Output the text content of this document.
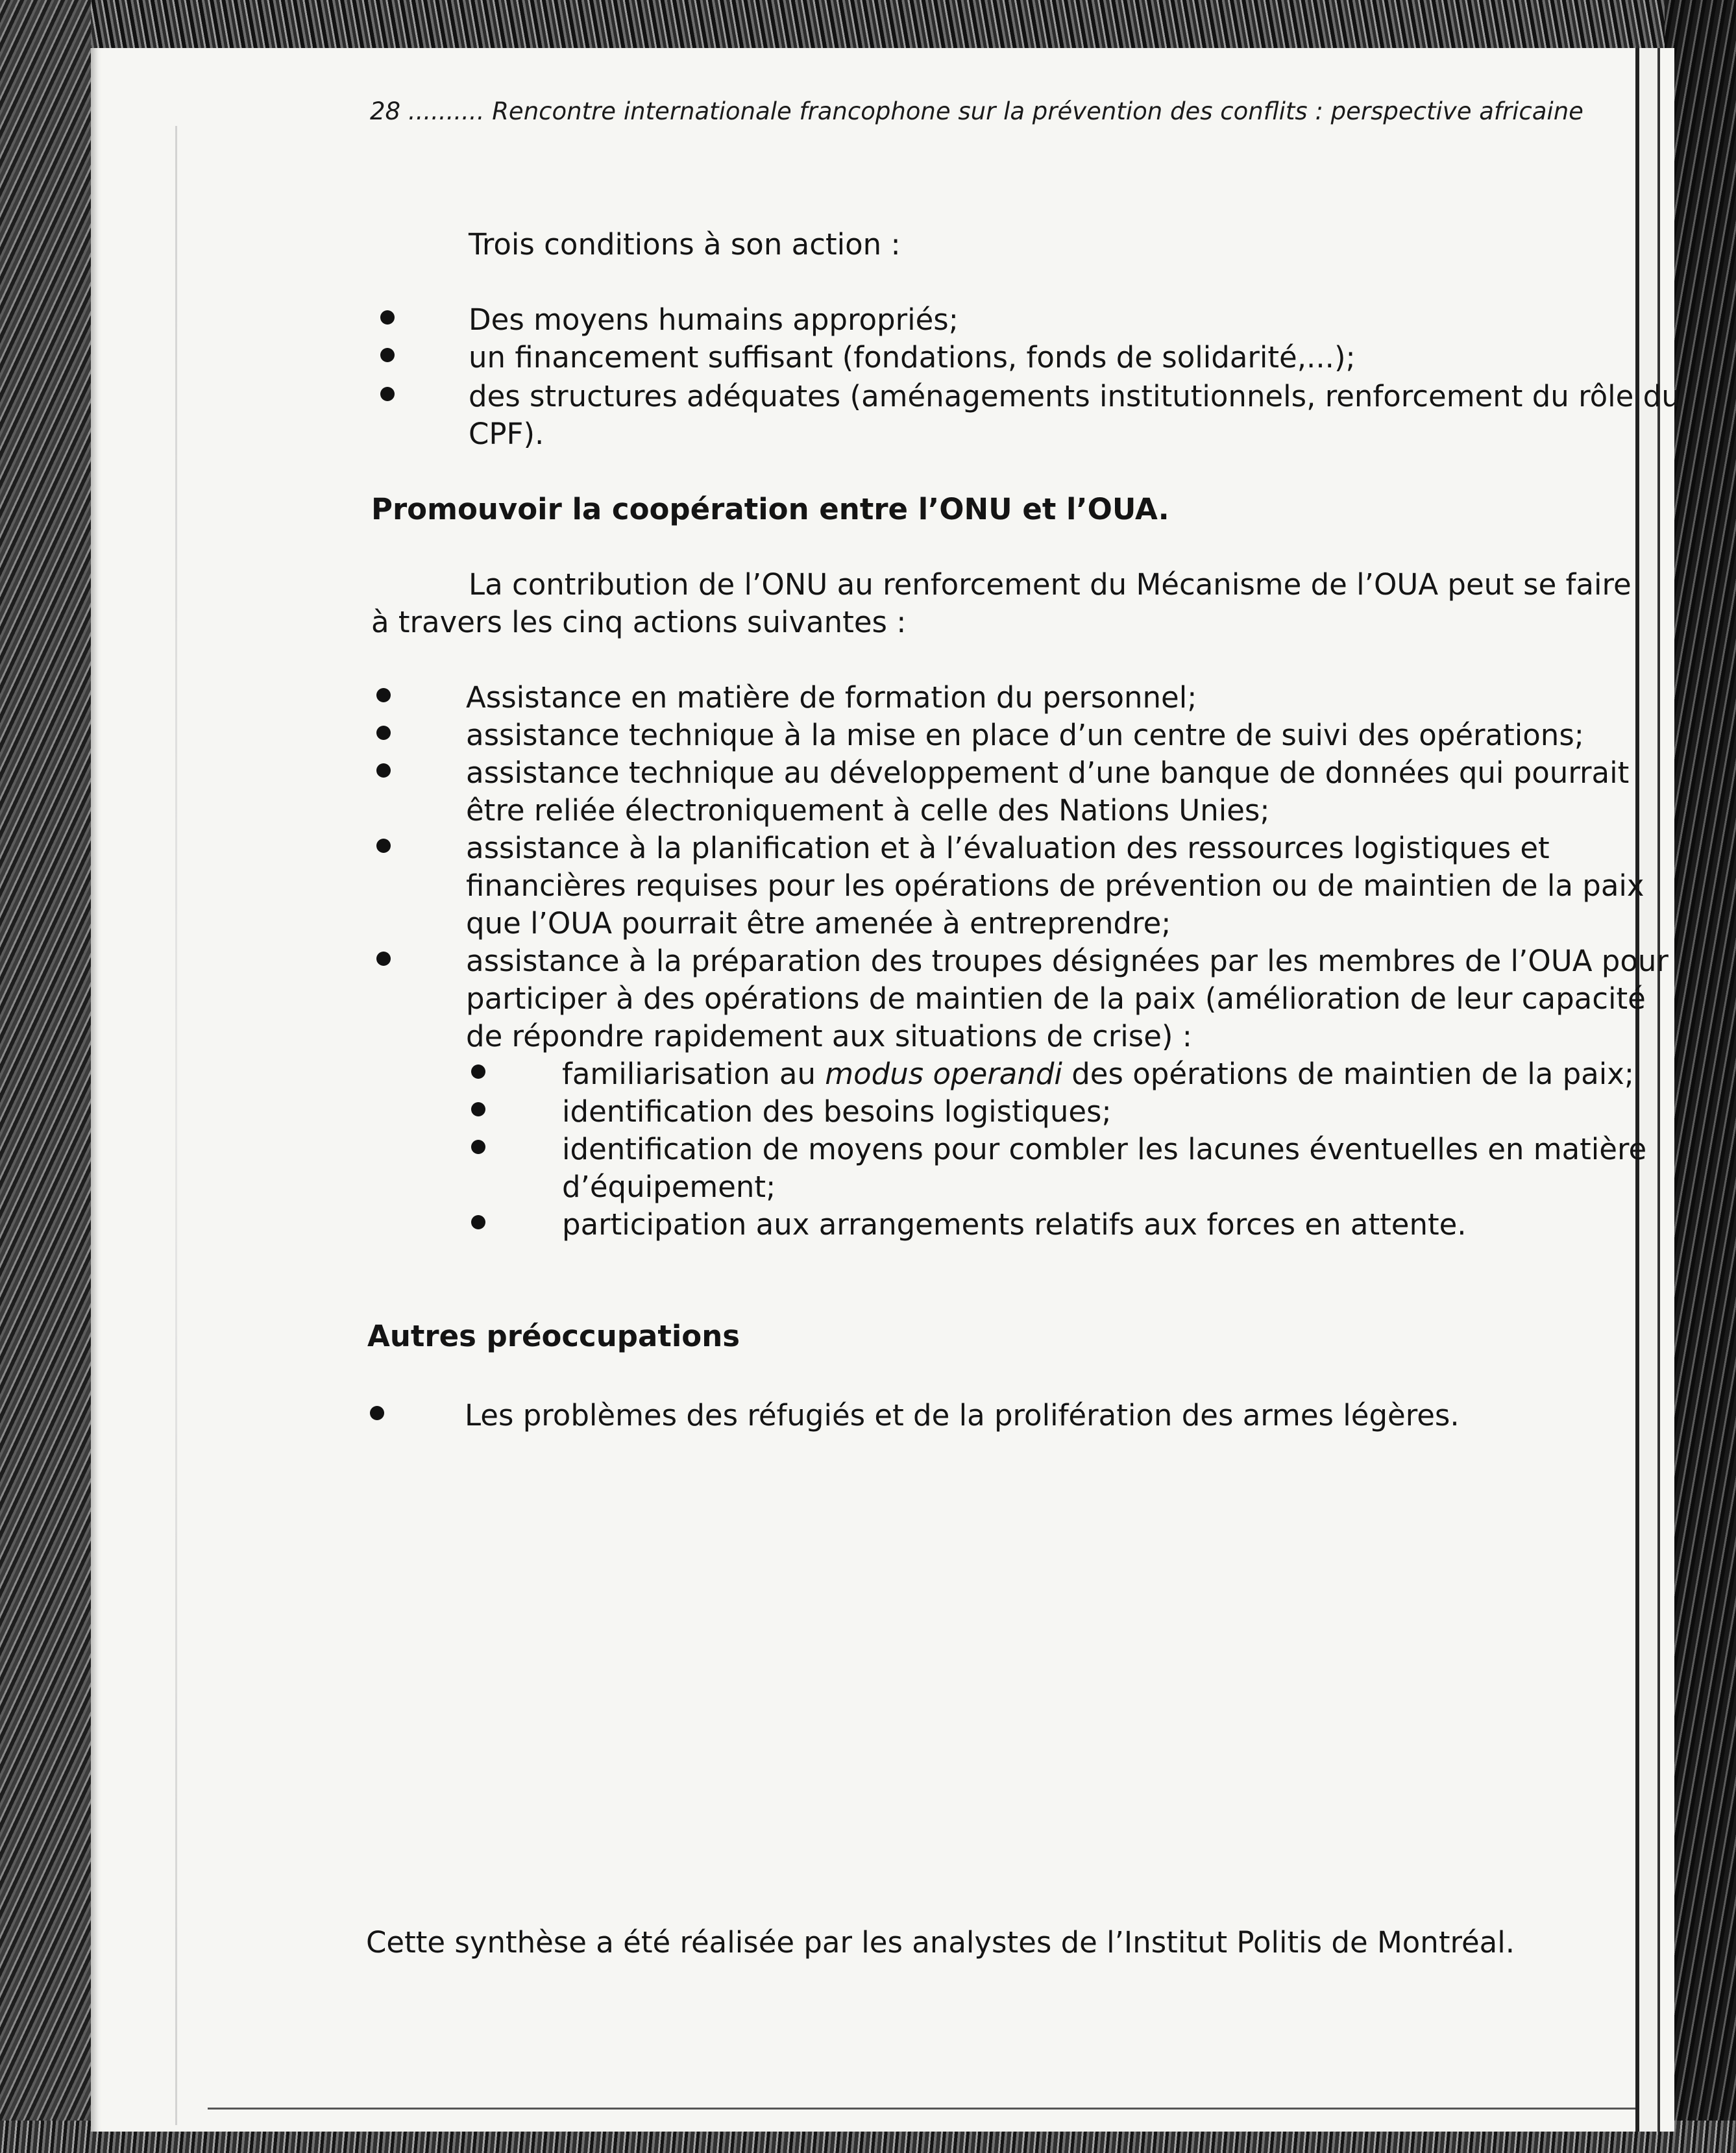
28 .......... Rencontre internationale francophone sur la prévention des conflits : perspective africaine
Trois conditions à son action :
Des moyens humains appropriés;
un financement suffisant (fondations, fonds de solidarité,...);
des structures adéquates (aménagements institutionnels, renforcement du rôle du
CPF).
Promouvoir la coopération entre l’ONU et l’OUA.
La contribution de l’ONU au renforcement du Mécanisme de l’OUA peut se faire
à travers les cinq actions suivantes :
Assistance en matière de formation du personnel;
assistance technique à la mise en place d’un centre de suivi des opérations;
assistance technique au développement d’une banque de données qui pourrait
être reliée électroniquement à celle des Nations Unies;
assistance à la planification et à l’évaluation des ressources logistiques et
financières requises pour les opérations de prévention ou de maintien de la paix
que l’OUA pourrait être amenée à entreprendre;
assistance à la préparation des troupes désignées par les membres de l’OUA pour
participer à des opérations de maintien de la paix (amélioration de leur capacité
de répondre rapidement aux situations de crise) :
familiarisation au modus operandi des opérations de maintien de la paix;
identification des besoins logistiques;
identification de moyens pour combler les lacunes éventuelles en matière
d’équipement;
participation aux arrangements relatifs aux forces en attente.
Autres préoccupations
Les problèmes des réfugiés et de la prolifération des armes légères.
Cette synthèse a été réalisée par les analystes de l’Institut Politis de Montréal.
